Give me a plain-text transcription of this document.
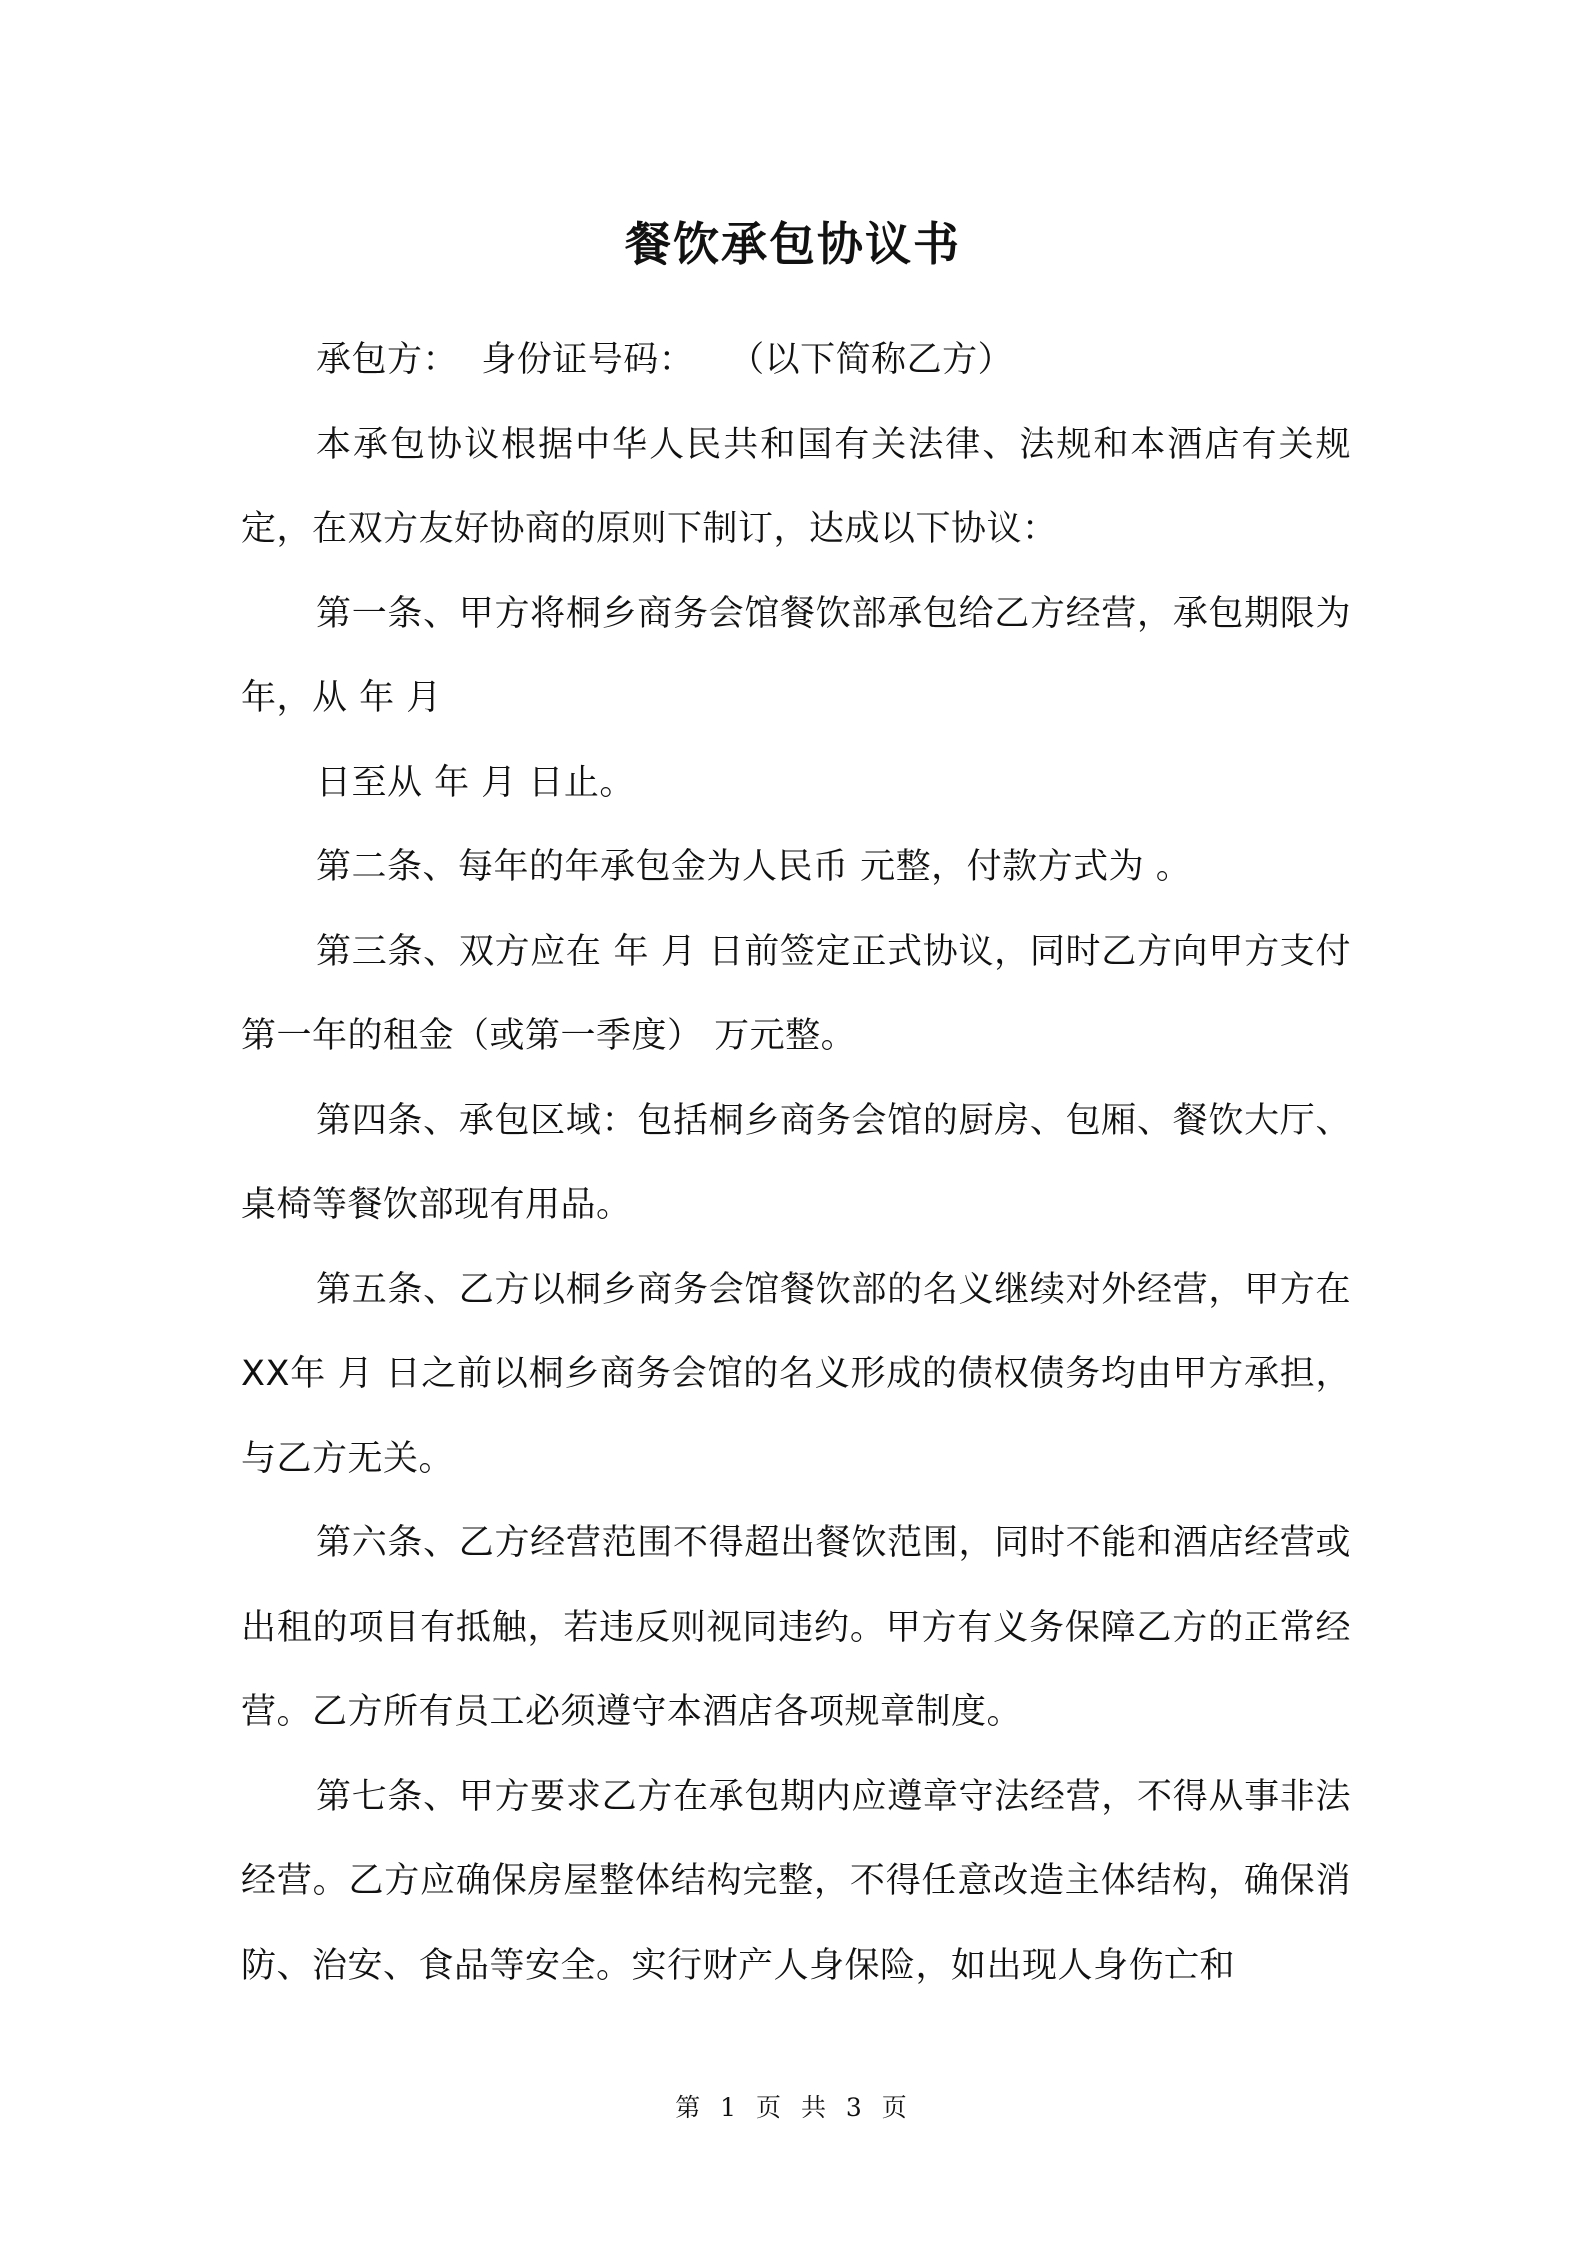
餐饮承包协议书

承包方：  身份证号码：   （以下简称乙方）

本承包协议根据中华人民共和国有关法律、法规和本酒店有关规定，在双方友好协商的原则下制订，达成以下协议：

第一条、甲方将桐乡商务会馆餐饮部承包给乙方经营，承包期限为 年，从 年 月

日至从 年 月 日止。

第二条、每年的年承包金为人民币 元整，付款方式为 。

第三条、双方应在 年 月 日前签定正式协议，同时乙方向甲方支付第一年的租金（或第一季度） 万元整。

第四条、承包区域：包括桐乡商务会馆的厨房、包厢、餐饮大厅、桌椅等餐饮部现有用品。

第五条、乙方以桐乡商务会馆餐饮部的名义继续对外经营，甲方在XX年 月 日之前以桐乡商务会馆的名义形成的债权债务均由甲方承担，与乙方无关。

第六条、乙方经营范围不得超出餐饮范围，同时不能和酒店经营或出租的项目有抵触，若违反则视同违约。甲方有义务保障乙方的正常经营。乙方所有员工必须遵守本酒店各项规章制度。

第七条、甲方要求乙方在承包期内应遵章守法经营，不得从事非法经营。乙方应确保房屋整体结构完整，不得任意改造主体结构，确保消防、治安、食品等安全。实行财产人身保险，如出现人身伤亡和

第 1 页 共 3 页
